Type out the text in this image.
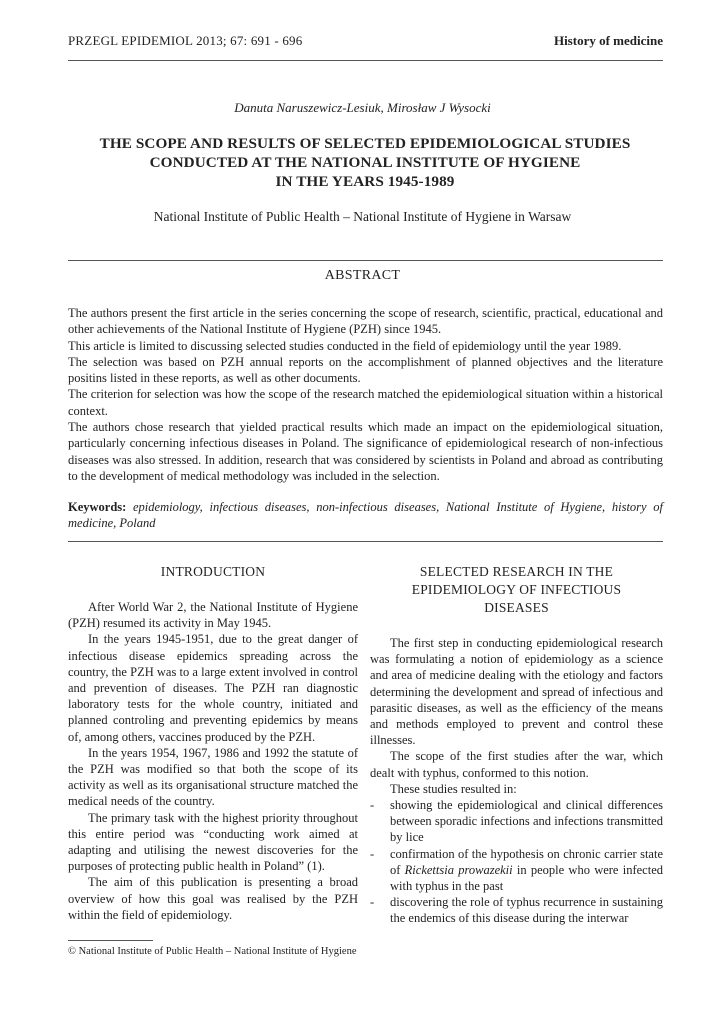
PRZEGL EPIDEMIOL 2013; 67: 691 - 696	History of medicine
Danuta Naruszewicz-Lesiuk, Mirosław J Wysocki
THE SCOPE AND RESULTS OF SELECTED EPIDEMIOLOGICAL STUDIES
CONDUCTED AT THE NATIONAL INSTITUTE OF HYGIENE
IN THE YEARS 1945-1989
National Institute of Public Health – National Institute of Hygiene in Warsaw
ABSTRACT

The authors present the first article in the series concerning the scope of research, scientific, practical, educational and other achievements of the National Institute of Hygiene (PZH) since 1945.

This article is limited to discussing selected studies conducted in the field of epidemiology until the year 1989.

The selection was based on PZH annual reports on the accomplishment of planned objectives and the literature positins listed in these reports, as well as other documents.

The criterion for selection was how the scope of the research matched the epidemiological situation within a historical context.

The authors chose research that yielded practical results which made an impact on the epidemiological situation, particularly concerning infectious diseases in Poland. The significance of epidemiological research of non-infectious diseases was also stressed. In addition, research that was considered by scientists in Poland and abroad as contributing to the development of medical methodology was included in the selection.

Keywords: epidemiology, infectious diseases, non-infectious diseases, National Institute of Hygiene, history of medicine, Poland
INTRODUCTION

After World War 2, the National Institute of Hygiene (PZH) resumed its activity in May 1945.

In the years 1945-1951, due to the great danger of infectious disease epidemics spreading across the country, the PZH was to a large extent involved in control and prevention of diseases. The PZH ran diagnostic laboratory tests for the whole country, initiated and planned controling and preventing epidemics by means of, among others, vaccines produced by the PZH.

In the years 1954, 1967, 1986 and 1992 the statute of the PZH was modified so that both the scope of its activity as well as its organisational structure matched the medical needs of the country.

The primary task with the highest priority throughout this entire period was “conducting work aimed at adapting and utilising the newest discoveries for the purposes of protecting public health in Poland” (1).

The aim of this publication is presenting a broad overview of how this goal was realised by the PZH within the field of epidemiology.

SELECTED RESEARCH IN THE
EPIDEMIOLOGY OF INFECTIOUS
DISEASES

The first step in conducting epidemiological research was formulating a notion of epidemiology as a science and area of medicine dealing with the etiology and factors determining the development and spread of infectious and parasitic diseases, as well as the efficiency of the means and methods employed to prevent and control these illnesses.

The scope of the first studies after the war, which dealt with typhus, conformed to this notion.

These studies resulted in:

- showing the epidemiological and clinical differences between sporadic infections and infections transmitted by lice
- confirmation of the hypothesis on chronic carrier state of Rickettsia prowazekii in people who were infected with typhus in the past
- discovering the role of typhus recurrence in sustaining the endemics of this disease during the interwar
© National Institute of Public Health – National Institute of Hygiene
